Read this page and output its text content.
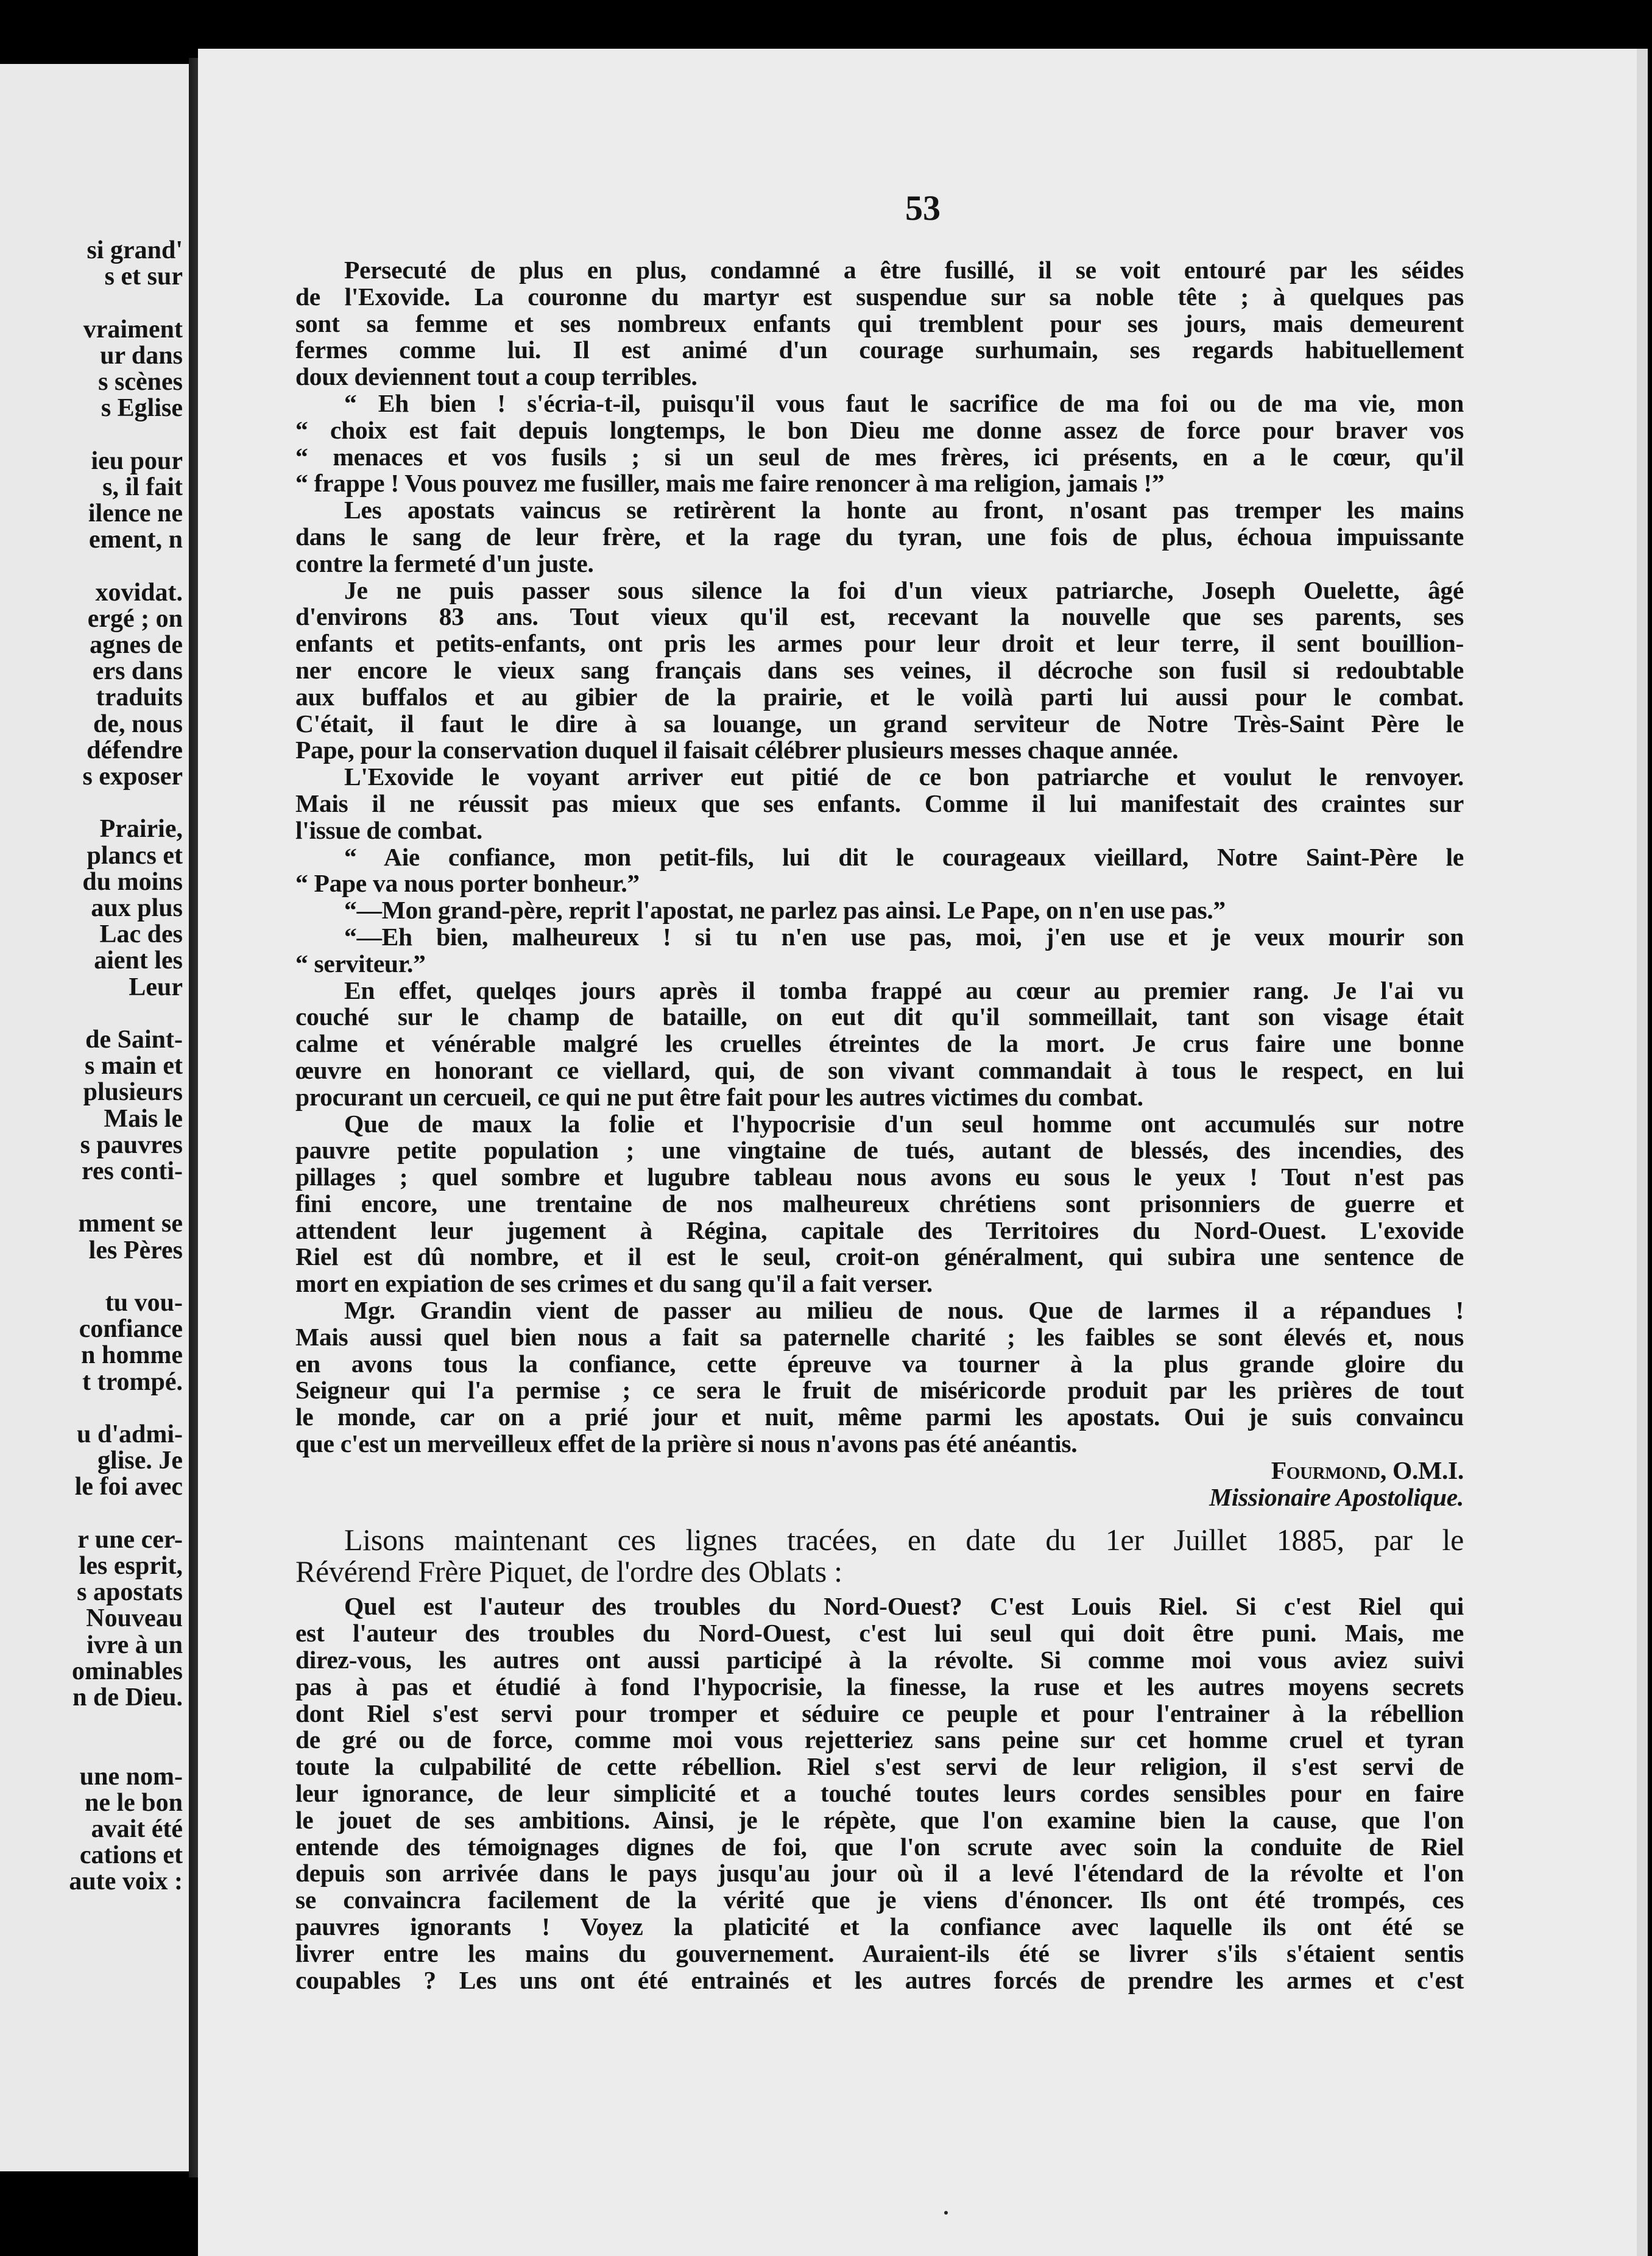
si grand'
s et sur
vraiment
ur dans
s scènes
s Eglise
ieu pour
s, il fait
ilence ne
ement, n
xovidat.
ergé ; on
agnes de
ers dans
traduits
de, nous
défendre
s exposer
Prairie,
plancs et
du moins
aux plus
Lac des
aient les
Leur
de Saint-
s main et
plusieurs
Mais le
s pauvres
res conti-
mment se
les Pères
tu vou-
confiance
n homme
t trompé.
u d'admi-
glise. Je
le foi avec
r une cer-
les esprit,
s apostats
Nouveau
ivre à un
ominables
n de Dieu.
une nom-
ne le bon
avait été
cations et
aute voix :
53
Persecuté de plus en plus, condamné a être fusillé, il se voit entouré par les séides
de l'Exovide. La couronne du martyr est suspendue sur sa noble tête ; à quelques pas
sont sa femme et ses nombreux enfants qui tremblent pour ses jours, mais demeurent
fermes comme lui. Il est animé d'un courage surhumain, ses regards habituellement
doux deviennent tout a coup terribles.
“ Eh bien ! s'écria-t-il, puisqu'il vous faut le sacrifice de ma foi ou de ma vie, mon
“ choix est fait depuis longtemps, le bon Dieu me donne assez de force pour braver vos
“ menaces et vos fusils ; si un seul de mes frères, ici présents, en a le cœur, qu'il
“ frappe ! Vous pouvez me fusiller, mais me faire renoncer à ma religion, jamais !”
Les apostats vaincus se retirèrent la honte au front, n'osant pas tremper les mains
dans le sang de leur frère, et la rage du tyran, une fois de plus, échoua impuissante
contre la fermeté d'un juste.
Je ne puis passer sous silence la foi d'un vieux patriarche, Joseph Ouelette, âgé
d'environs 83 ans. Tout vieux qu'il est, recevant la nouvelle que ses parents, ses
enfants et petits-enfants, ont pris les armes pour leur droit et leur terre, il sent bouillion-
ner encore le vieux sang français dans ses veines, il décroche son fusil si redoubtable
aux buffalos et au gibier de la prairie, et le voilà parti lui aussi pour le combat.
C'était, il faut le dire à sa louange, un grand serviteur de Notre Très-Saint Père le
Pape, pour la conservation duquel il faisait célébrer plusieurs messes chaque année.
L'Exovide le voyant arriver eut pitié de ce bon patriarche et voulut le renvoyer.
Mais il ne réussit pas mieux que ses enfants. Comme il lui manifestait des craintes sur
l'issue de combat.
“ Aie confiance, mon petit-fils, lui dit le courageaux vieillard, Notre Saint-Père le
“ Pape va nous porter bonheur.”
“—Mon grand-père, reprit l'apostat, ne parlez pas ainsi. Le Pape, on n'en use pas.”
“—Eh bien, malheureux ! si tu n'en use pas, moi, j'en use et je veux mourir son
“ serviteur.”
En effet, quelqes jours après il tomba frappé au cœur au premier rang. Je l'ai vu
couché sur le champ de bataille, on eut dit qu'il sommeillait, tant son visage était
calme et vénérable malgré les cruelles étreintes de la mort. Je crus faire une bonne
œuvre en honorant ce viellard, qui, de son vivant commandait à tous le respect, en lui
procurant un cercueil, ce qui ne put être fait pour les autres victimes du combat.
Que de maux la folie et l'hypocrisie d'un seul homme ont accumulés sur notre
pauvre petite population ; une vingtaine de tués, autant de blessés, des incendies, des
pillages ; quel sombre et lugubre tableau nous avons eu sous le yeux ! Tout n'est pas
fini encore, une trentaine de nos malheureux chrétiens sont prisonniers de guerre et
attendent leur jugement à Régina, capitale des Territoires du Nord-Ouest. L'exovide
Riel est dû nombre, et il est le seul, croit-on généralment, qui subira une sentence de
mort en expiation de ses crimes et du sang qu'il a fait verser.
Mgr. Grandin vient de passer au milieu de nous. Que de larmes il a répandues !
Mais aussi quel bien nous a fait sa paternelle charité ; les faibles se sont élevés et, nous
en avons tous la confiance, cette épreuve va tourner à la plus grande gloire du
Seigneur qui l'a permise ; ce sera le fruit de miséricorde produit par les prières de tout
le monde, car on a prié jour et nuit, même parmi les apostats. Oui je suis convaincu
que c'est un merveilleux effet de la prière si nous n'avons pas été anéantis.
Fourmond, O.M.I.
Missionaire Apostolique.
Lisons maintenant ces lignes tracées, en date du 1er Juillet 1885, par le
Révérend Frère Piquet, de l'ordre des Oblats :
Quel est l'auteur des troubles du Nord-Ouest? C'est Louis Riel. Si c'est Riel qui
est l'auteur des troubles du Nord-Ouest, c'est lui seul qui doit être puni. Mais, me
direz-vous, les autres ont aussi participé à la révolte. Si comme moi vous aviez suivi
pas à pas et étudié à fond l'hypocrisie, la finesse, la ruse et les autres moyens secrets
dont Riel s'est servi pour tromper et séduire ce peuple et pour l'entrainer à la rébellion
de gré ou de force, comme moi vous rejetteriez sans peine sur cet homme cruel et tyran
toute la culpabilité de cette rébellion. Riel s'est servi de leur religion, il s'est servi de
leur ignorance, de leur simplicité et a touché toutes leurs cordes sensibles pour en faire
le jouet de ses ambitions. Ainsi, je le répète, que l'on examine bien la cause, que l'on
entende des témoignages dignes de foi, que l'on scrute avec soin la conduite de Riel
depuis son arrivée dans le pays jusqu'au jour où il a levé l'étendard de la révolte et l'on
se convaincra facilement de la vérité que je viens d'énoncer. Ils ont été trompés, ces
pauvres ignorants ! Voyez la platicité et la confiance avec laquelle ils ont été se
livrer entre les mains du gouvernement. Auraient-ils été se livrer s'ils s'étaient sentis
coupables ? Les uns ont été entrainés et les autres forcés de prendre les armes et c'est
